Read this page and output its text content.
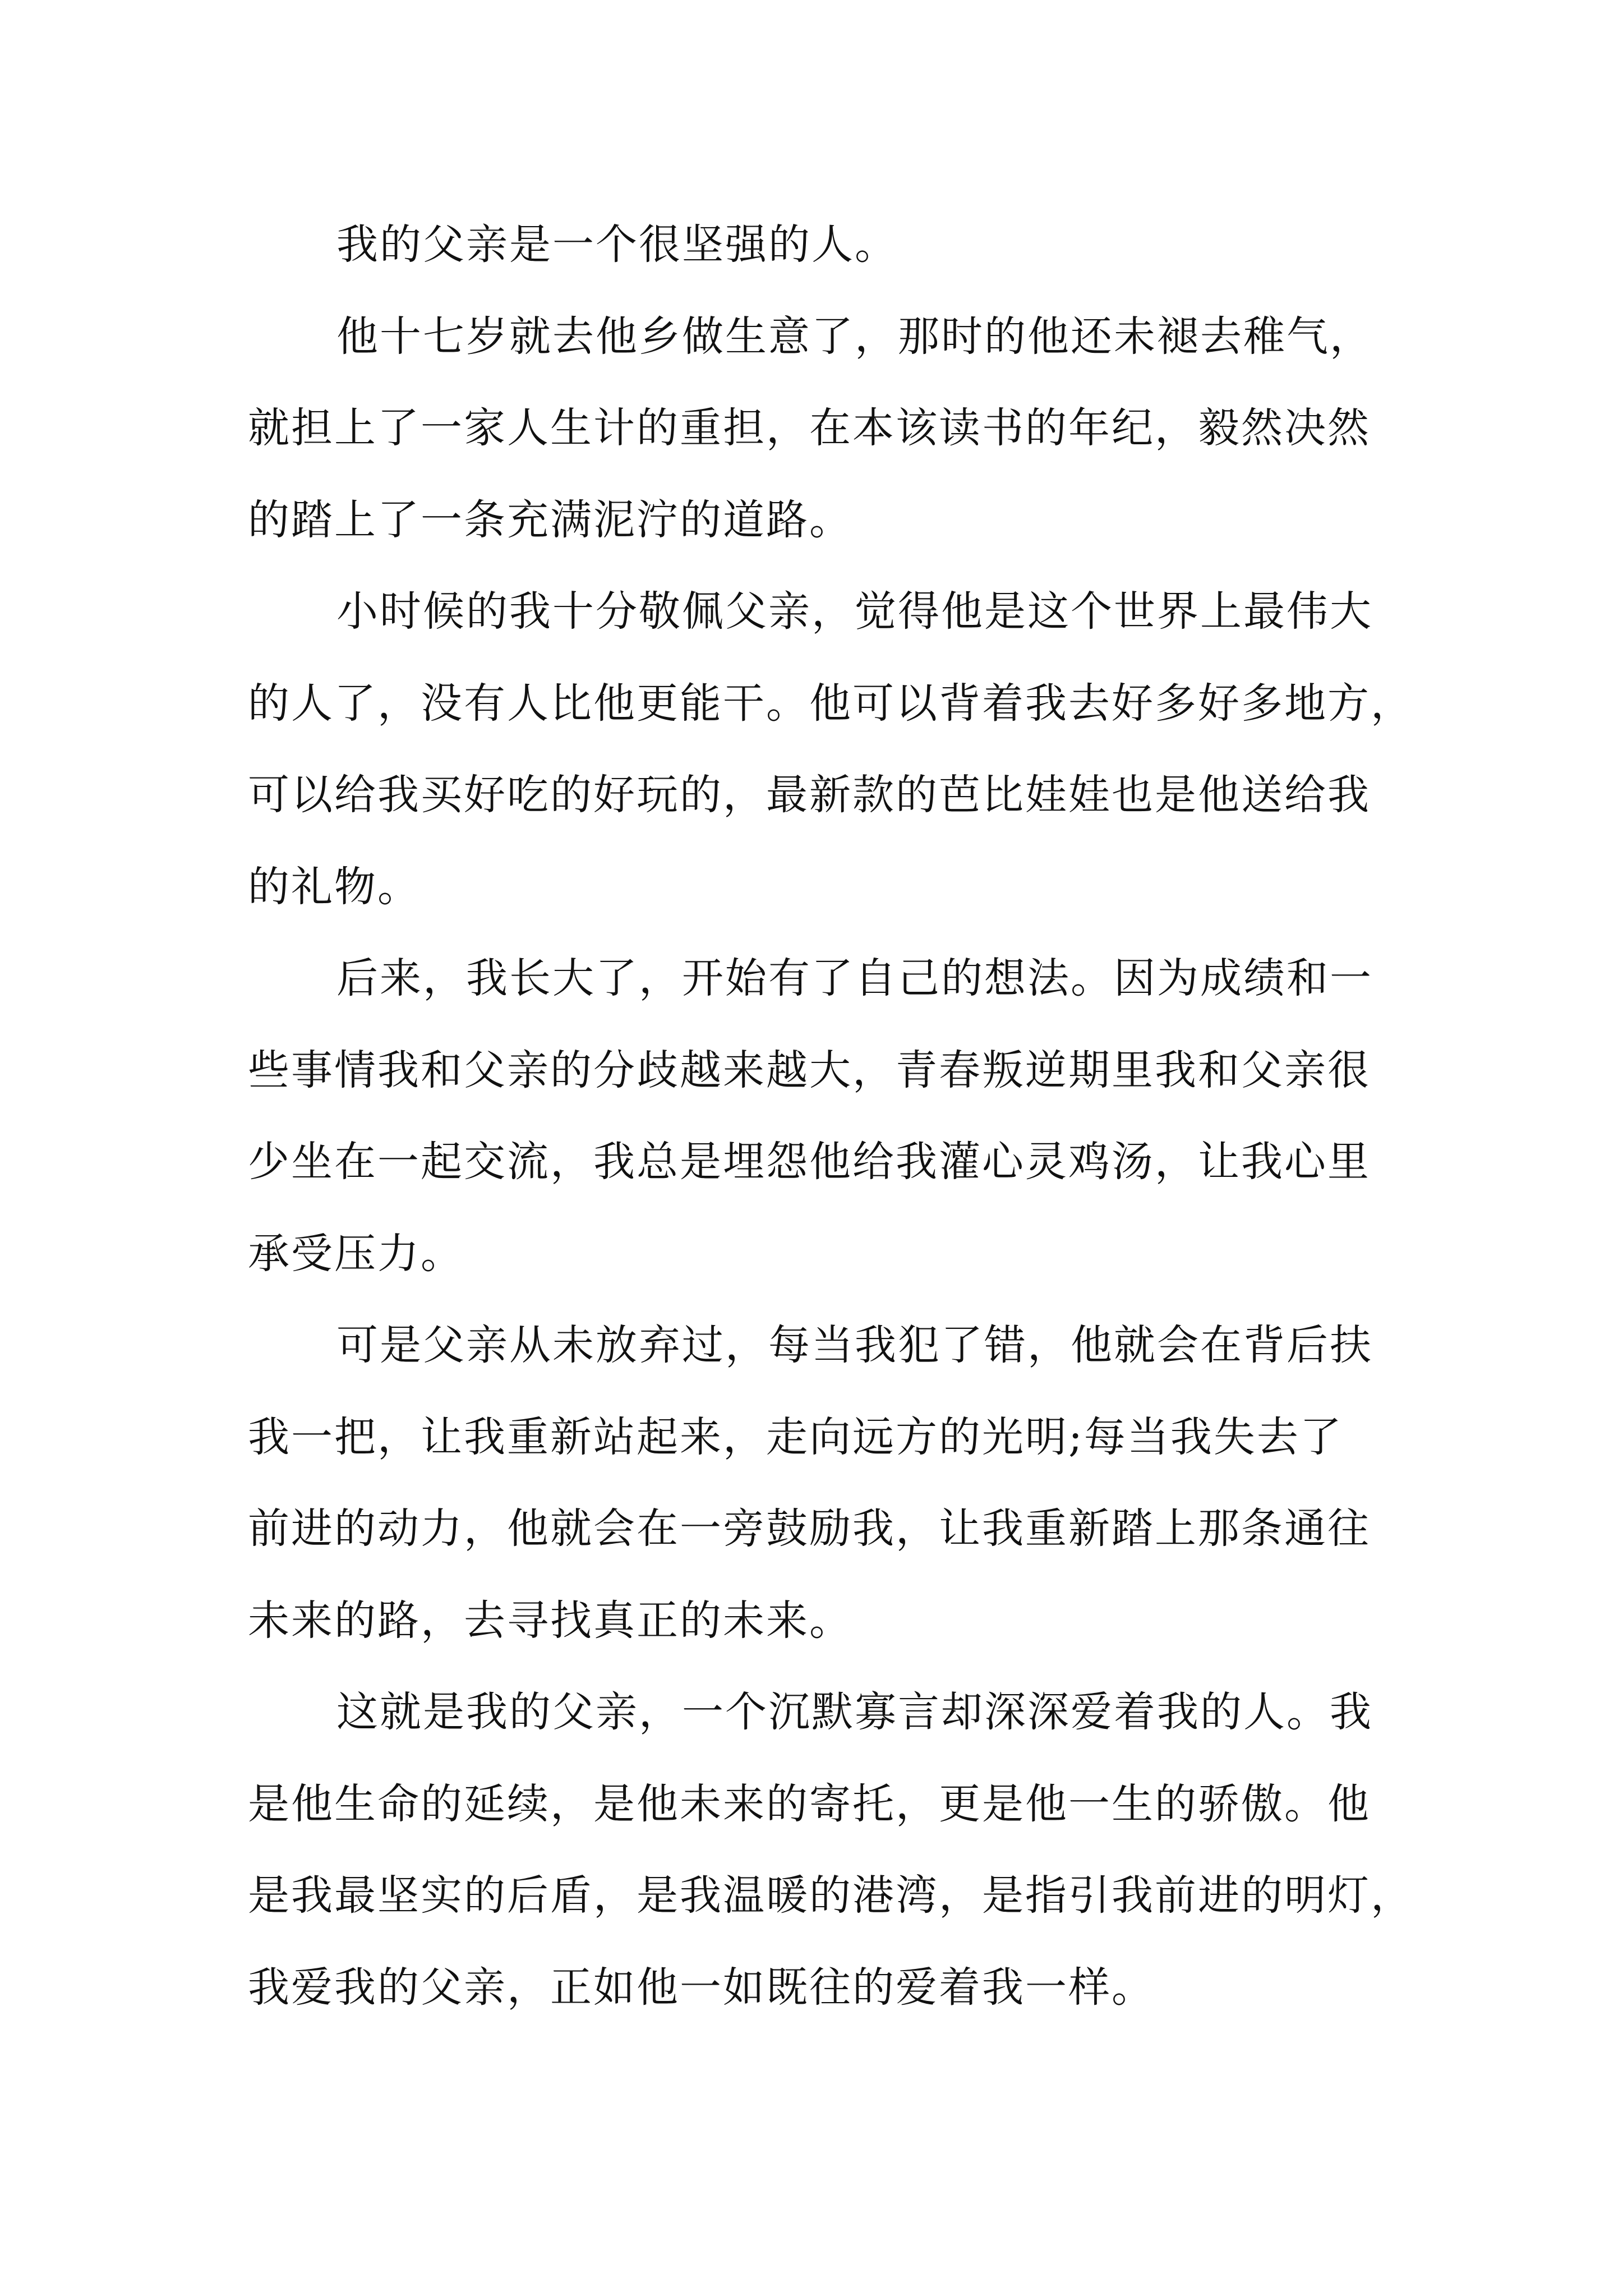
我的父亲是一个很坚强的人。
他十七岁就去他乡做生意了，那时的他还未褪去稚气，
就担上了一家人生计的重担，在本该读书的年纪，毅然决然
的踏上了一条充满泥泞的道路。
小时候的我十分敬佩父亲，觉得他是这个世界上最伟大
的人了，没有人比他更能干。他可以背着我去好多好多地方，
可以给我买好吃的好玩的，最新款的芭比娃娃也是他送给我
的礼物。
后来，我长大了，开始有了自己的想法。因为成绩和一
些事情我和父亲的分歧越来越大，青春叛逆期里我和父亲很
少坐在一起交流，我总是埋怨他给我灌心灵鸡汤，让我心里
承受压力。
可是父亲从未放弃过，每当我犯了错，他就会在背后扶
我一把，让我重新站起来，走向远方的光明;每当我失去了
前进的动力，他就会在一旁鼓励我，让我重新踏上那条通往
未来的路，去寻找真正的未来。
这就是我的父亲，一个沉默寡言却深深爱着我的人。我
是他生命的延续，是他未来的寄托，更是他一生的骄傲。他
是我最坚实的后盾，是我温暖的港湾，是指引我前进的明灯，
我爱我的父亲，正如他一如既往的爱着我一样。
